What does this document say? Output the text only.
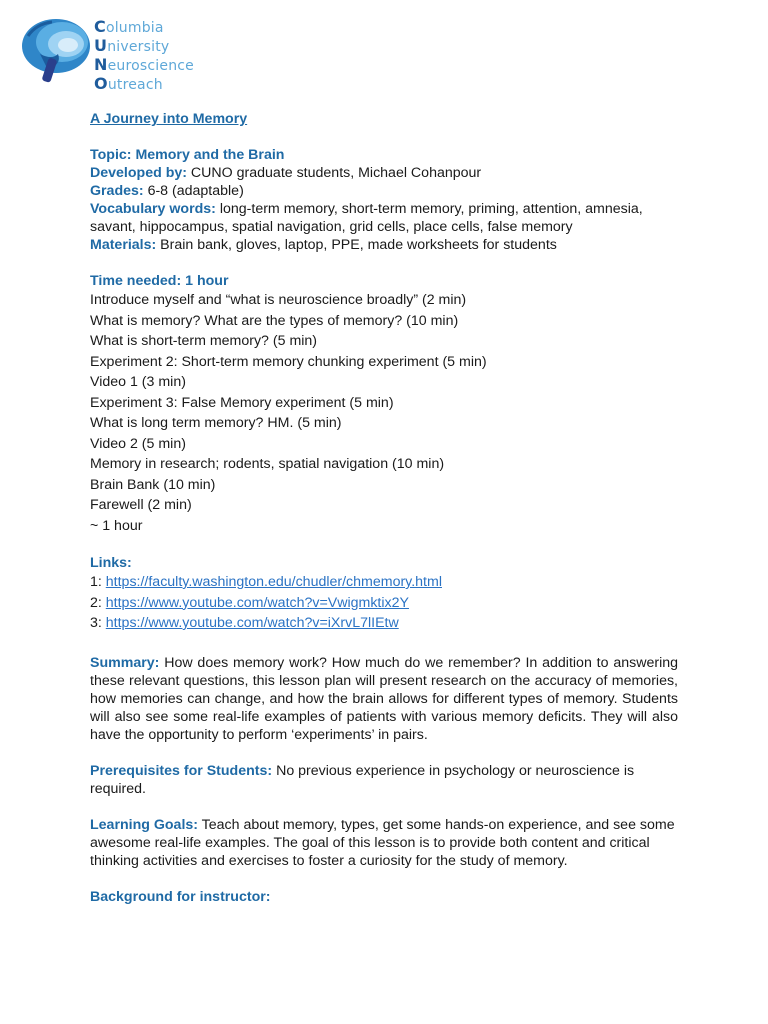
Columbia
University
Neuroscience
Outreach
A Journey into Memory
Topic: Memory and the Brain
Developed by: CUNO graduate students, Michael Cohanpour
Grades: 6-8 (adaptable)
Vocabulary words: long-term memory, short-term memory, priming, attention, amnesia, savant, hippocampus, spatial navigation, grid cells, place cells, false memory
Materials: Brain bank, gloves, laptop, PPE, made worksheets for students
Time needed: 1 hour
Introduce myself and “what is neuroscience broadly” (2 min)
What is memory? What are the types of memory? (10 min)
What is short-term memory? (5 min)
Experiment 2: Short-term memory chunking experiment (5 min)
Video 1 (3 min)
Experiment 3: False Memory experiment (5 min)
What is long term memory? HM. (5 min)
Video 2 (5 min)
Memory in research; rodents, spatial navigation (10 min)
Brain Bank (10 min)
Farewell (2 min)
~ 1 hour
Links:
1: https://faculty.washington.edu/chudler/chmemory.html
2: https://www.youtube.com/watch?v=Vwigmktix2Y
3: https://www.youtube.com/watch?v=iXrvL7lIEtw
Summary: How does memory work? How much do we remember? In addition to answering these relevant questions, this lesson plan will present research on the accuracy of memories, how memories can change, and how the brain allows for different types of memory. Students will also see some real-life examples of patients with various memory deficits. They will also have the opportunity to perform ‘experiments’ in pairs.
Prerequisites for Students: No previous experience in psychology or neuroscience is required.
Learning Goals: Teach about memory, types, get some hands-on experience, and see some awesome real-life examples. The goal of this lesson is to provide both content and critical thinking activities and exercises to foster a curiosity for the study of memory.
Background for instructor:
